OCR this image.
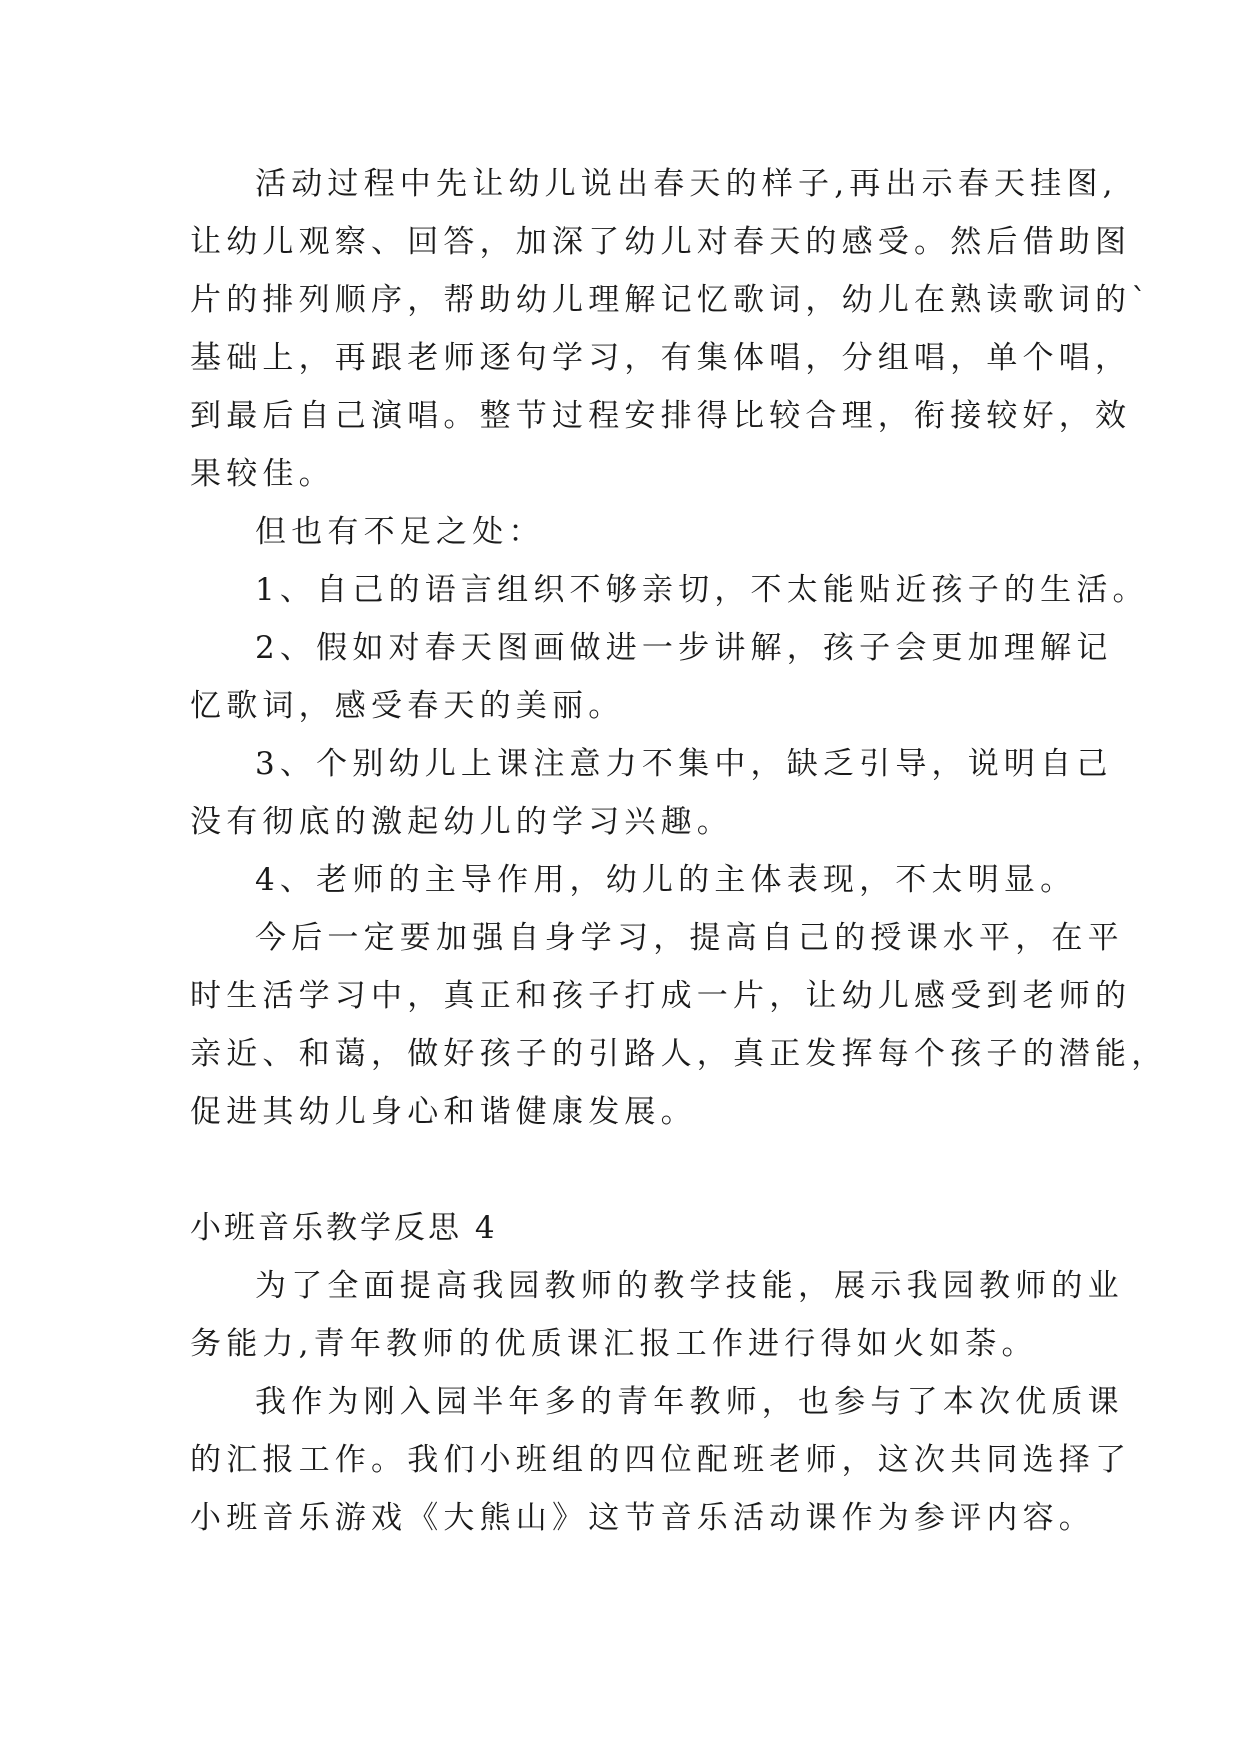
活动过程中先让幼儿说出春天的样子,再出示春天挂图,
让幼儿观察、回答，加深了幼儿对春天的感受。然后借助图
片的排列顺序，帮助幼儿理解记忆歌词，幼儿在熟读歌词的`
基础上，再跟老师逐句学习，有集体唱，分组唱，单个唱，
到最后自己演唱。整节过程安排得比较合理，衔接较好，效
果较佳。
但也有不足之处：
1、自己的语言组织不够亲切，不太能贴近孩子的生活。
2、假如对春天图画做进一步讲解，孩子会更加理解记
忆歌词，感受春天的美丽。
3、个别幼儿上课注意力不集中，缺乏引导，说明自己
没有彻底的激起幼儿的学习兴趣。
4、老师的主导作用，幼儿的主体表现，不太明显。
今后一定要加强自身学习，提高自己的授课水平，在平
时生活学习中，真正和孩子打成一片，让幼儿感受到老师的
亲近、和蔼，做好孩子的引路人，真正发挥每个孩子的潜能，
促进其幼儿身心和谐健康发展。
小班音乐教学反思 4
为了全面提高我园教师的教学技能，展示我园教师的业
务能力,青年教师的优质课汇报工作进行得如火如荼。
我作为刚入园半年多的青年教师，也参与了本次优质课
的汇报工作。我们小班组的四位配班老师，这次共同选择了
小班音乐游戏《大熊山》这节音乐活动课作为参评内容。
